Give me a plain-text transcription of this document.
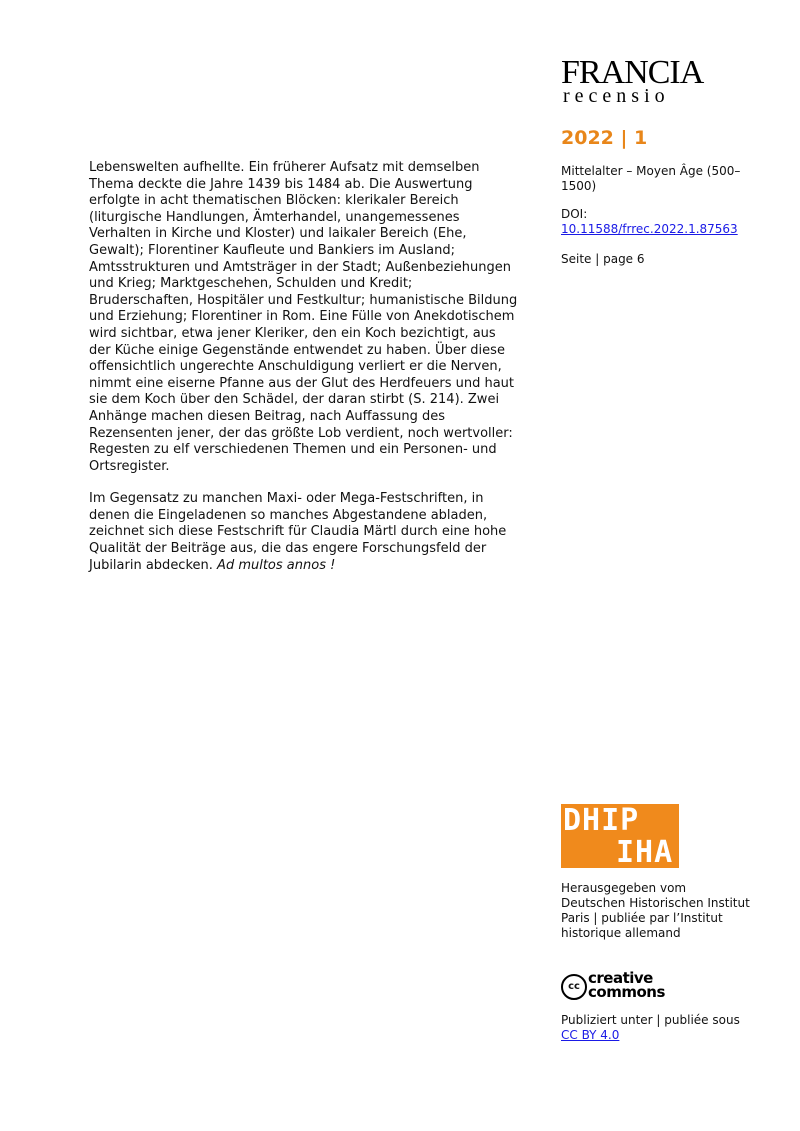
FRANCIA
recensio
2022 | 1
Mittelalter – Moyen Âge (500–1500)
DOI:
10.11588/frrec.2022.1.87563
Seite | page 6

Lebenswelten aufhellte. Ein früherer Aufsatz mit demselben Thema deckte die Jahre 1439 bis 1484 ab. Die Auswertung erfolgte in acht thematischen Blöcken: klerikaler Bereich (liturgische Handlungen, Ämterhandel, unangemessenes Verhalten in Kirche und Kloster) und laikaler Bereich (Ehe, Gewalt); Florentiner Kaufleute und Bankiers im Ausland; Amtsstrukturen und Amtsträger in der Stadt; Außenbeziehungen und Krieg; Marktgeschehen, Schulden und Kredit; Bruderschaften, Hospitäler und Festkultur; humanistische Bildung und Erziehung; Florentiner in Rom. Eine Fülle von Anekdotischem wird sichtbar, etwa jener Kleriker, den ein Koch bezichtigt, aus der Küche einige Gegenstände entwendet zu haben. Über diese offensichtlich ungerechte Anschuldigung verliert er die Nerven, nimmt eine eiserne Pfanne aus der Glut des Herdfeuers und haut sie dem Koch über den Schädel, der daran stirbt (S. 214). Zwei Anhänge machen diesen Beitrag, nach Auffassung des Rezensenten jener, der das größte Lob verdient, noch wertvoller: Regesten zu elf verschiedenen Themen und ein Personen- und Ortsregister.

Im Gegensatz zu manchen Maxi- oder Mega-Festschriften, in denen die Eingeladenen so manches Abgestandene abladen, zeichnet sich diese Festschrift für Claudia Märtl durch eine hohe Qualität der Beiträge aus, die das engere Forschungsfeld der Jubilarin abdecken. Ad multos annos !

DHIP
IHA
Herausgegeben vom Deutschen Historischen Institut Paris | publiée par l’Institut historique allemand
cc creative
commons
Publiziert unter | publiée sous
CC BY 4.0
